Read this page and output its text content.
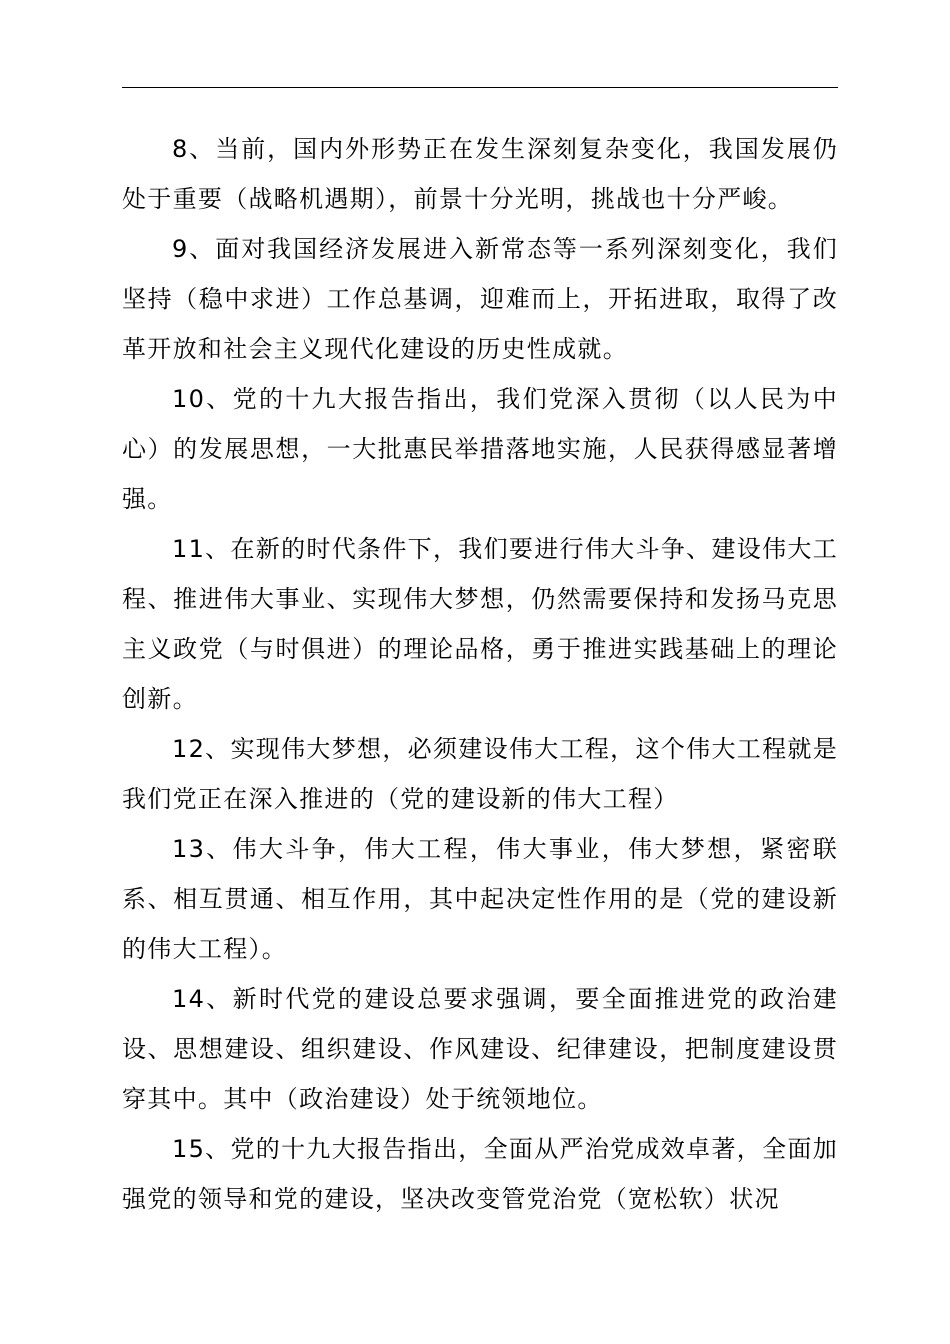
8、当前，国内外形势正在发生深刻复杂变化，我国发展仍处于重要（战略机遇期），前景十分光明，挑战也十分严峻。

9、面对我国经济发展进入新常态等一系列深刻变化，我们坚持（稳中求进）工作总基调，迎难而上，开拓进取，取得了改革开放和社会主义现代化建设的历史性成就。

10、党的十九大报告指出，我们党深入贯彻（以人民为中心）的发展思想，一大批惠民举措落地实施，人民获得感显著增强。

11、在新的时代条件下，我们要进行伟大斗争、建设伟大工程、推进伟大事业、实现伟大梦想，仍然需要保持和发扬马克思主义政党（与时俱进）的理论品格，勇于推进实践基础上的理论创新。

12、实现伟大梦想，必须建设伟大工程，这个伟大工程就是我们党正在深入推进的（党的建设新的伟大工程）

13、伟大斗争，伟大工程，伟大事业，伟大梦想，紧密联系、相互贯通、相互作用，其中起决定性作用的是（党的建设新的伟大工程）。

14、新时代党的建设总要求强调，要全面推进党的政治建设、思想建设、组织建设、作风建设、纪律建设，把制度建设贯穿其中。其中（政治建设）处于统领地位。

15、党的十九大报告指出，全面从严治党成效卓著，全面加强党的领导和党的建设，坚决改变管党治党（宽松软）状况
